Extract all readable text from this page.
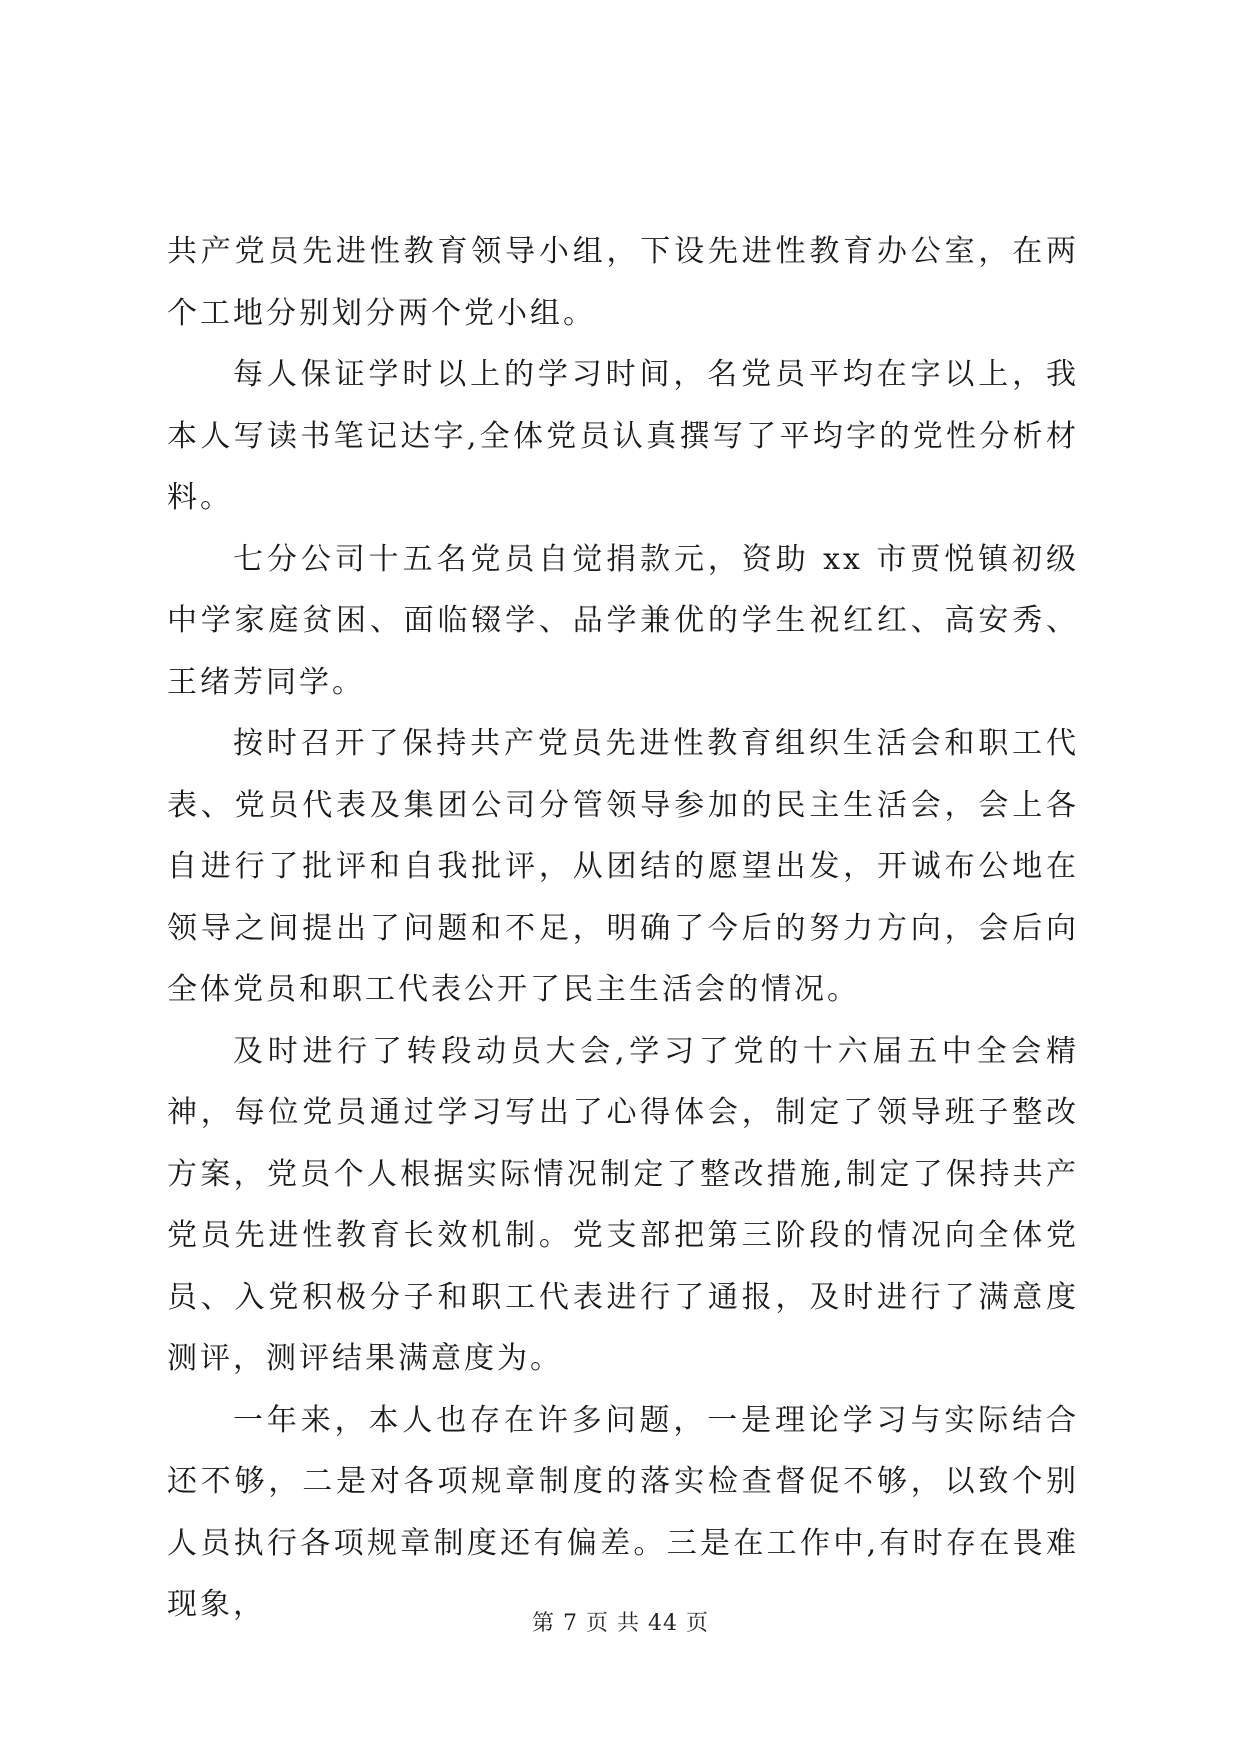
共产党员先进性教育领导小组，下设先进性教育办公室，在两个工地分别划分两个党小组。

每人保证学时以上的学习时间，名党员平均在字以上，我本人写读书笔记达字,全体党员认真撰写了平均字的党性分析材料。

七分公司十五名党员自觉捐款元，资助 xx 市贾悦镇初级中学家庭贫困、面临辍学、品学兼优的学生祝红红、高安秀、王绪芳同学。

按时召开了保持共产党员先进性教育组织生活会和职工代表、党员代表及集团公司分管领导参加的民主生活会，会上各自进行了批评和自我批评，从团结的愿望出发，开诚布公地在领导之间提出了问题和不足，明确了今后的努力方向，会后向全体党员和职工代表公开了民主生活会的情况。

及时进行了转段动员大会,学习了党的十六届五中全会精神，每位党员通过学习写出了心得体会，制定了领导班子整改方案，党员个人根据实际情况制定了整改措施,制定了保持共产党员先进性教育长效机制。党支部把第三阶段的情况向全体党员、入党积极分子和职工代表进行了通报，及时进行了满意度测评，测评结果满意度为。

一年来，本人也存在许多问题，一是理论学习与实际结合还不够，二是对各项规章制度的落实检查督促不够，以致个别人员执行各项规章制度还有偏差。三是在工作中,有时存在畏难现象，

第 7 页 共 44 页
